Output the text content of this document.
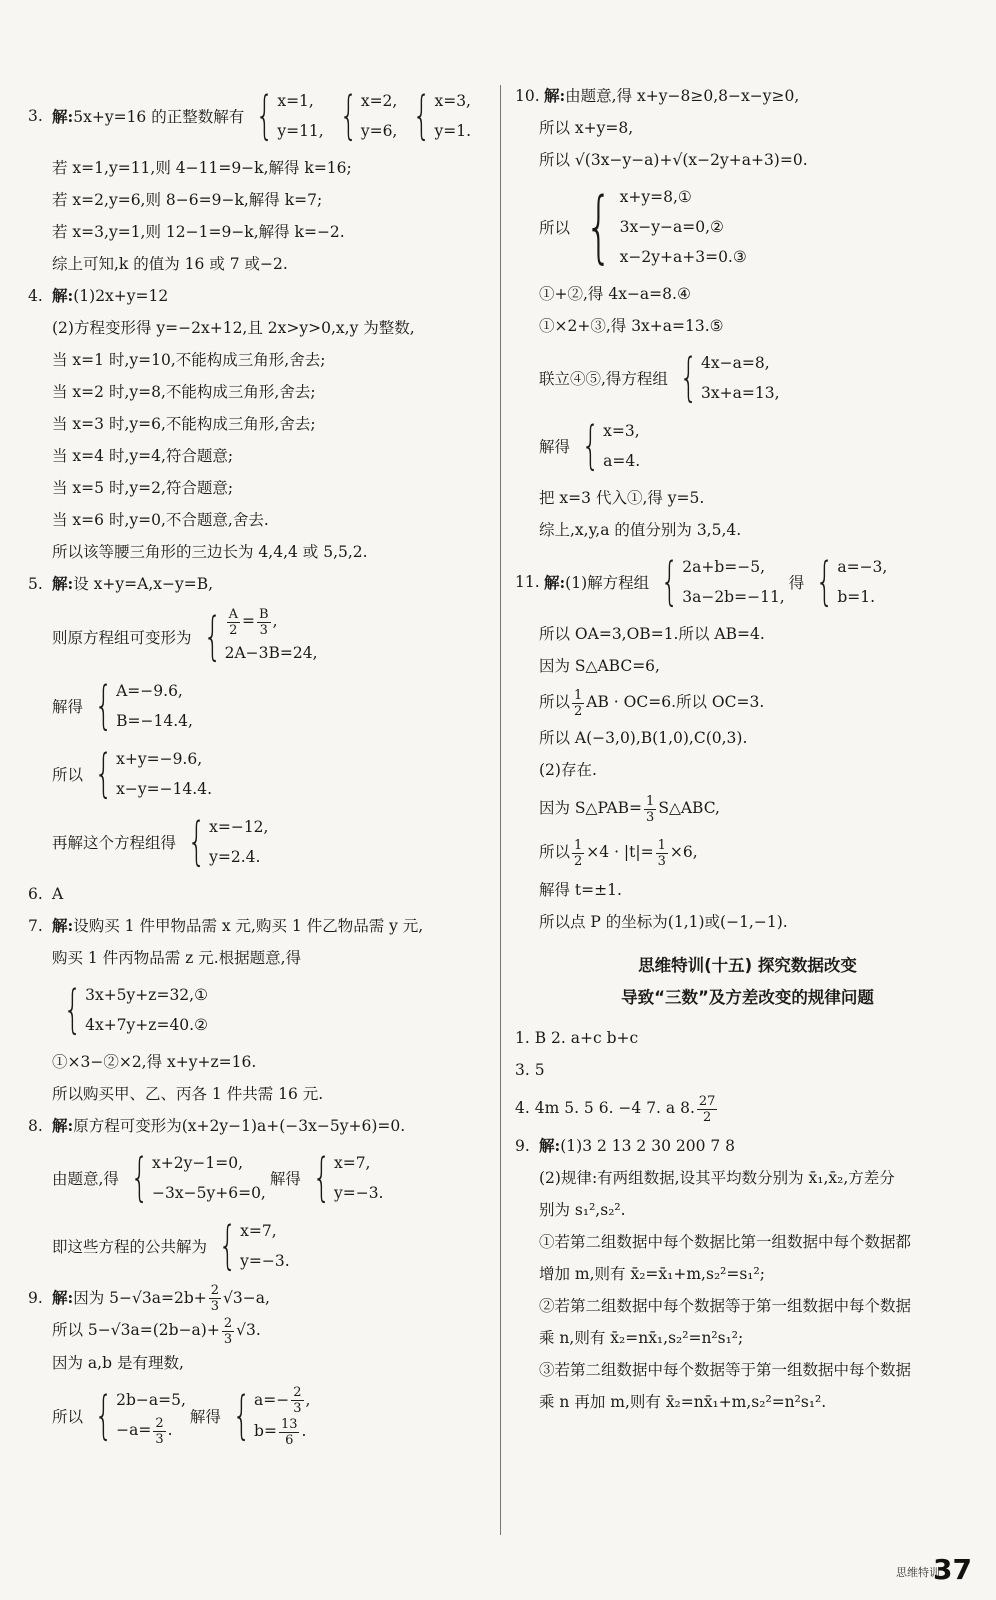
3. 解: 5x+y=16 的正整数解有 { x=1,
y=11, { x=2,
y=6, { x=3,
y=1.
若 x=1,y=11,则 4−11=9−k,解得 k=16;
若 x=2,y=6,则 8−6=9−k,解得 k=7;
若 x=3,y=1,则 12−1=9−k,解得 k=−2.
综上可知,k 的值为 16 或 7 或−2.
4. 解:(1)2x+y=12
(2)方程变形得 y=−2x+12,且 2x>y>0,x,y 为整数,
当 x=1 时,y=10,不能构成三角形,舍去;
当 x=2 时,y=8,不能构成三角形,舍去;
当 x=3 时,y=6,不能构成三角形,舍去;
当 x=4 时,y=4,符合题意;
当 x=5 时,y=2,符合题意;
当 x=6 时,y=0,不合题意,舍去.
所以该等腰三角形的三边长为 4,4,4 或 5,5,2.
5. 解:设 x+y=A,x−y=B,
则原方程组可变形为 { $\frac{A}{2} = \frac{B}{3}$ ,
2A−3B=24,
解得 { A=−9.6,
B=−14.4,
所以 { x+y=−9.6,
x−y=−14.4.
再解这个方程组得 { x=−12,
y=2.4.
6. A
7. 解:设购买 1 件甲物品需 x 元,购买 1 件乙物品需 y 元,
购买 1 件丙物品需 z 元.根据题意,得
{ 3x+5y+z=32,①
4x+7y+z=40.②
①×3−②×2,得 x+y+z=16.
所以购买甲、乙、丙各 1 件共需 16 元.
8. 解:原方程可变形为(x+2y−1)a+(−3x−5y+6)=0.
由题意,得 { x+2y−1=0,
−3x−5y+6=0,
解得 { x=7,
y=−3.
即这些方程的公共解为 { x=7,
y=−3.
9. 解:因为 $5-√3a=2b+ \frac{2}{3} √3-a$,
所以 $5-√3a=(2b-a)+ \frac{2}{3} √3$.
因为 a,b 是有理数,
所以 { 2b−a=5,
$-a= \frac{2}{3}$ .
解得 { $a=- \frac{2}{3}$ ,
$b= \frac{13}{6}$ .
10. 解:由题意,得 x+y−8≥0,8−x−y≥0,
所以 x+y=8,
所以 √(3x−y−a)+√(x−2y+a+3)=0.
所以 { x+y=8,①
3x−y−a=0,②
x−2y+a+3=0.③
①+②,得 4x−a=8.④
①×2+③,得 3x+a=13.⑤
联立④⑤,得方程组 { 4x−a=8,
3x+a=13,
解得 { x=3,
a=4.
把 x=3 代入①,得 y=5.
综上,x,y,a 的值分别为 3,5,4.
11.
解: (1)解方程组 { 2a+b=−5,
3a−2b=−11,
得 { a=−3,
b=1.
所以 OA=3,OB=1.所以 AB=4.
因为 S△ABC=6,
所以 $\frac{1}{2}$ AB · OC=6.所以 OC=3.
所以 A(−3,0),B(1,0),C(0,3).
(2)存在.
因为 S△PAB= $\frac{1}{3}$ S△ABC,
所以 $\frac{1}{2} \times 4 \cdot |t|= \frac{1}{3} \times 6$,
解得 t=±1.
所以点 P 的坐标为(1,1)或(−1,−1).
思维特训(十五) 探究数据改变
导致“三数”及方差改变的规律问题
1. B 2. a+c b+c
3. 5
4. 4m 5. 5 6. −4 7. a 8. $\frac{27}{2}$
9. 解:(1)3 2 13 2 30 200 7 8
(2)规律:有两组数据,设其平均数分别为 x̄₁,x̄₂,方差分
别为 s₁²,s₂².
①若第二组数据中每个数据比第一组数据中每个数据都
增加 m,则有 x̄₂=x̄₁+m,s₂²=s₁²;
②若第二组数据中每个数据等于第一组数据中每个数据
乘 n,则有 x̄₂=nx̄₁,s₂²=n²s₁²;
③若第二组数据中每个数据等于第一组数据中每个数据
乘 n 再加 m,则有 x̄₂=nx̄₁+m,s₂²=n²s₁².
思维特训
37
